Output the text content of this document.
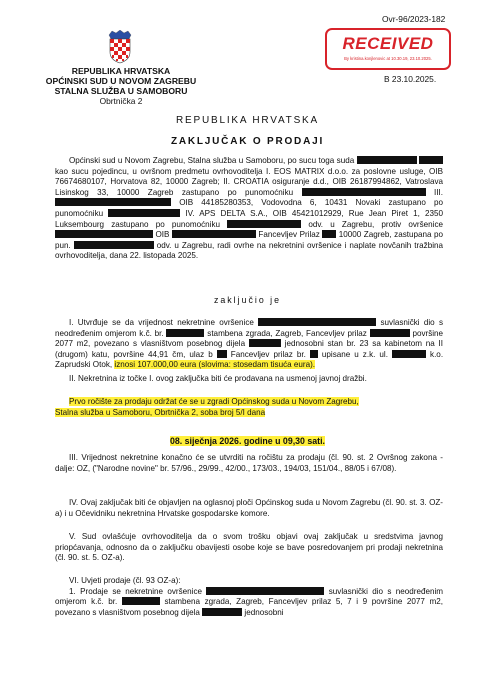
Ovr-96/2023-182
RECEIVED
By kristina.konjlenovic at 10.30.19, 23.10.2025.
B 23.10.2025.
REPUBLIKA HRVATSKA
OPĆINSKI SUD U NOVOM ZAGREBU
STALNA SLUŽBA U SAMOBORU
Obrtnička 2
REPUBLIKA HRVATSKA
ZAKLJUČAK O PRODAJI
Općinski sud u Novom Zagrebu, Stalna služba u Samoboru, po sucu toga suda   kao sucu pojedincu, u ovršnom predmetu ovrhovoditelja I. EOS MATRIX d.o.o. za poslovne usluge, OIB 76674680107, Horvatova 82, 10000 Zagreb; II. CROATIA osiguranje d.d., OIB 26187994862, Vatroslava Lisinskog 33, 10000 Zagreb zastupano po punomoćniku	III.  OIB 44185280353, Vodovodna 6, 10431 Novaki zastupano po punomoćniku	IV. APS DELTA S.A., OIB 45421012929, Rue Jean Piret 1, 2350 Luksembourg zastupano po punomoćniku	odv. u Zagrebu, protiv ovršenice  OIB	Fancevljev Prilaz 10000 Zagreb, zastupana po pun.	odv. u Zagrebu, radi ovrhe na nekretnini ovršenice i naplate novčanih tražbina ovrhovoditelja, dana 22. listopada 2025.
zaključio je
I. Utvrđuje se da vrijednost nekretnine ovršenice	suvlasnički dio s neodređenim omjerom k.č. br.	stambena zgrada, Zagreb, Fancevljev prilaz	površine 2077 m2, povezano s vlasništvom posebnog dijela	jednosobni stan br. 23 sa kabinetom na II (drugom) katu, površine 44,91 čm, ulaz b Fancevljev prilaz br. upisane u z.k. ul.	k.o. Zaprudski Otok, iznosi 107.000,00 eura (slovima: stosedam tisuća eura).
II. Nekretnina iz točke I. ovog zaključka biti će prodavana na usmenoj javnoj dražbi.
Prvo ročište za prodaju održat će se u zgradi Općinskog suda u Novom Zagrebu,
Stalna služba u Samoboru, Obrtnička 2, soba broj 5/I dana
08. siječnja 2026. godine u 09,30 sati.
III. Vrijednost nekretnine konačno će se utvrditi na ročištu za prodaju (čl. 90. st. 2 Ovršnog zakona - dalje: OZ, ("Narodne novine" br. 57/96., 29/99., 42/00., 173/03., 194/03, 151/04., 88/05 i 67/08).
IV. Ovaj zaključak biti će objavljen na oglasnoj ploči Općinskog suda u Novom Zagrebu (čl. 90. st. 3. OZ-a) i u Očevidniku nekretnina Hrvatske gospodarske komore.
V. Sud ovlašćuje ovrhovoditelja da o svom trošku objavi ovaj zaključak u sredstvima javnog priopćavanja, odnosno da o zaključku obavijesti osobe koje se bave posredovanjem pri prodaji nekretnina (čl. 90. st. 5. OZ-a).
VI. Uvjeti prodaje (čl. 93 OZ-a):
1. Prodaje se nekretnine ovršenice	suvlasnički dio s neodređenim omjerom k.č. br.	stambena zgrada, Zagreb, Fancevljev prilaz 5, 7 i 9 površine 2077 m2, povezano s vlasništvom posebnog dijela	jednosobni
